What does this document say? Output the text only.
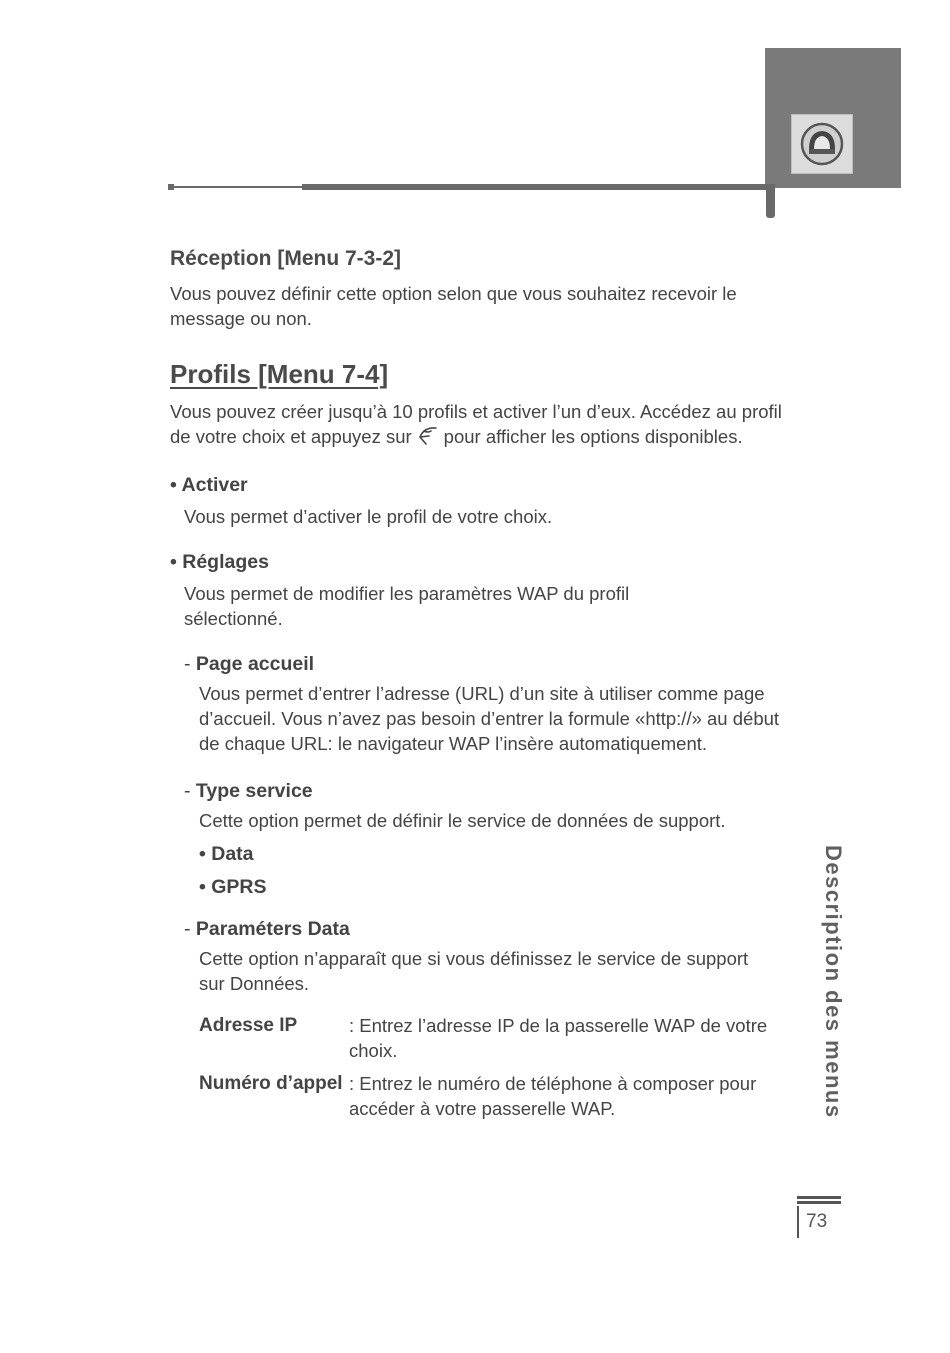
Réception [Menu 7-3-2]

Vous pouvez définir cette option selon que vous souhaitez recevoir le message ou non.

Profils [Menu 7-4]

Vous pouvez créer jusqu’à 10 profils et activer l’un d’eux. Accédez au profil de votre choix et appuyez sur pour afficher les options disponibles.

• Activer

Vous permet d’activer le profil de votre choix.

• Réglages

Vous permet de modifier les paramètres WAP du profil sélectionné.

- Page accueil

Vous permet d’entrer l’adresse (URL) d’un site à utiliser comme page d’accueil. Vous n’avez pas besoin d’entrer la formule «http://» au début de chaque URL: le navigateur WAP l’insère automatiquement.

- Type service

Cette option permet de définir le service de données de support.

• Data

• GPRS

- Paraméters Data

Cette option n’apparaît que si vous définissez le service de support sur Données.

Adresse IP	: Entrez l’adresse IP de la passerelle WAP de votre choix.
Numéro d’appel : Entrez le numéro de téléphone à composer pour accéder à votre passerelle WAP.	Description des menus
73
